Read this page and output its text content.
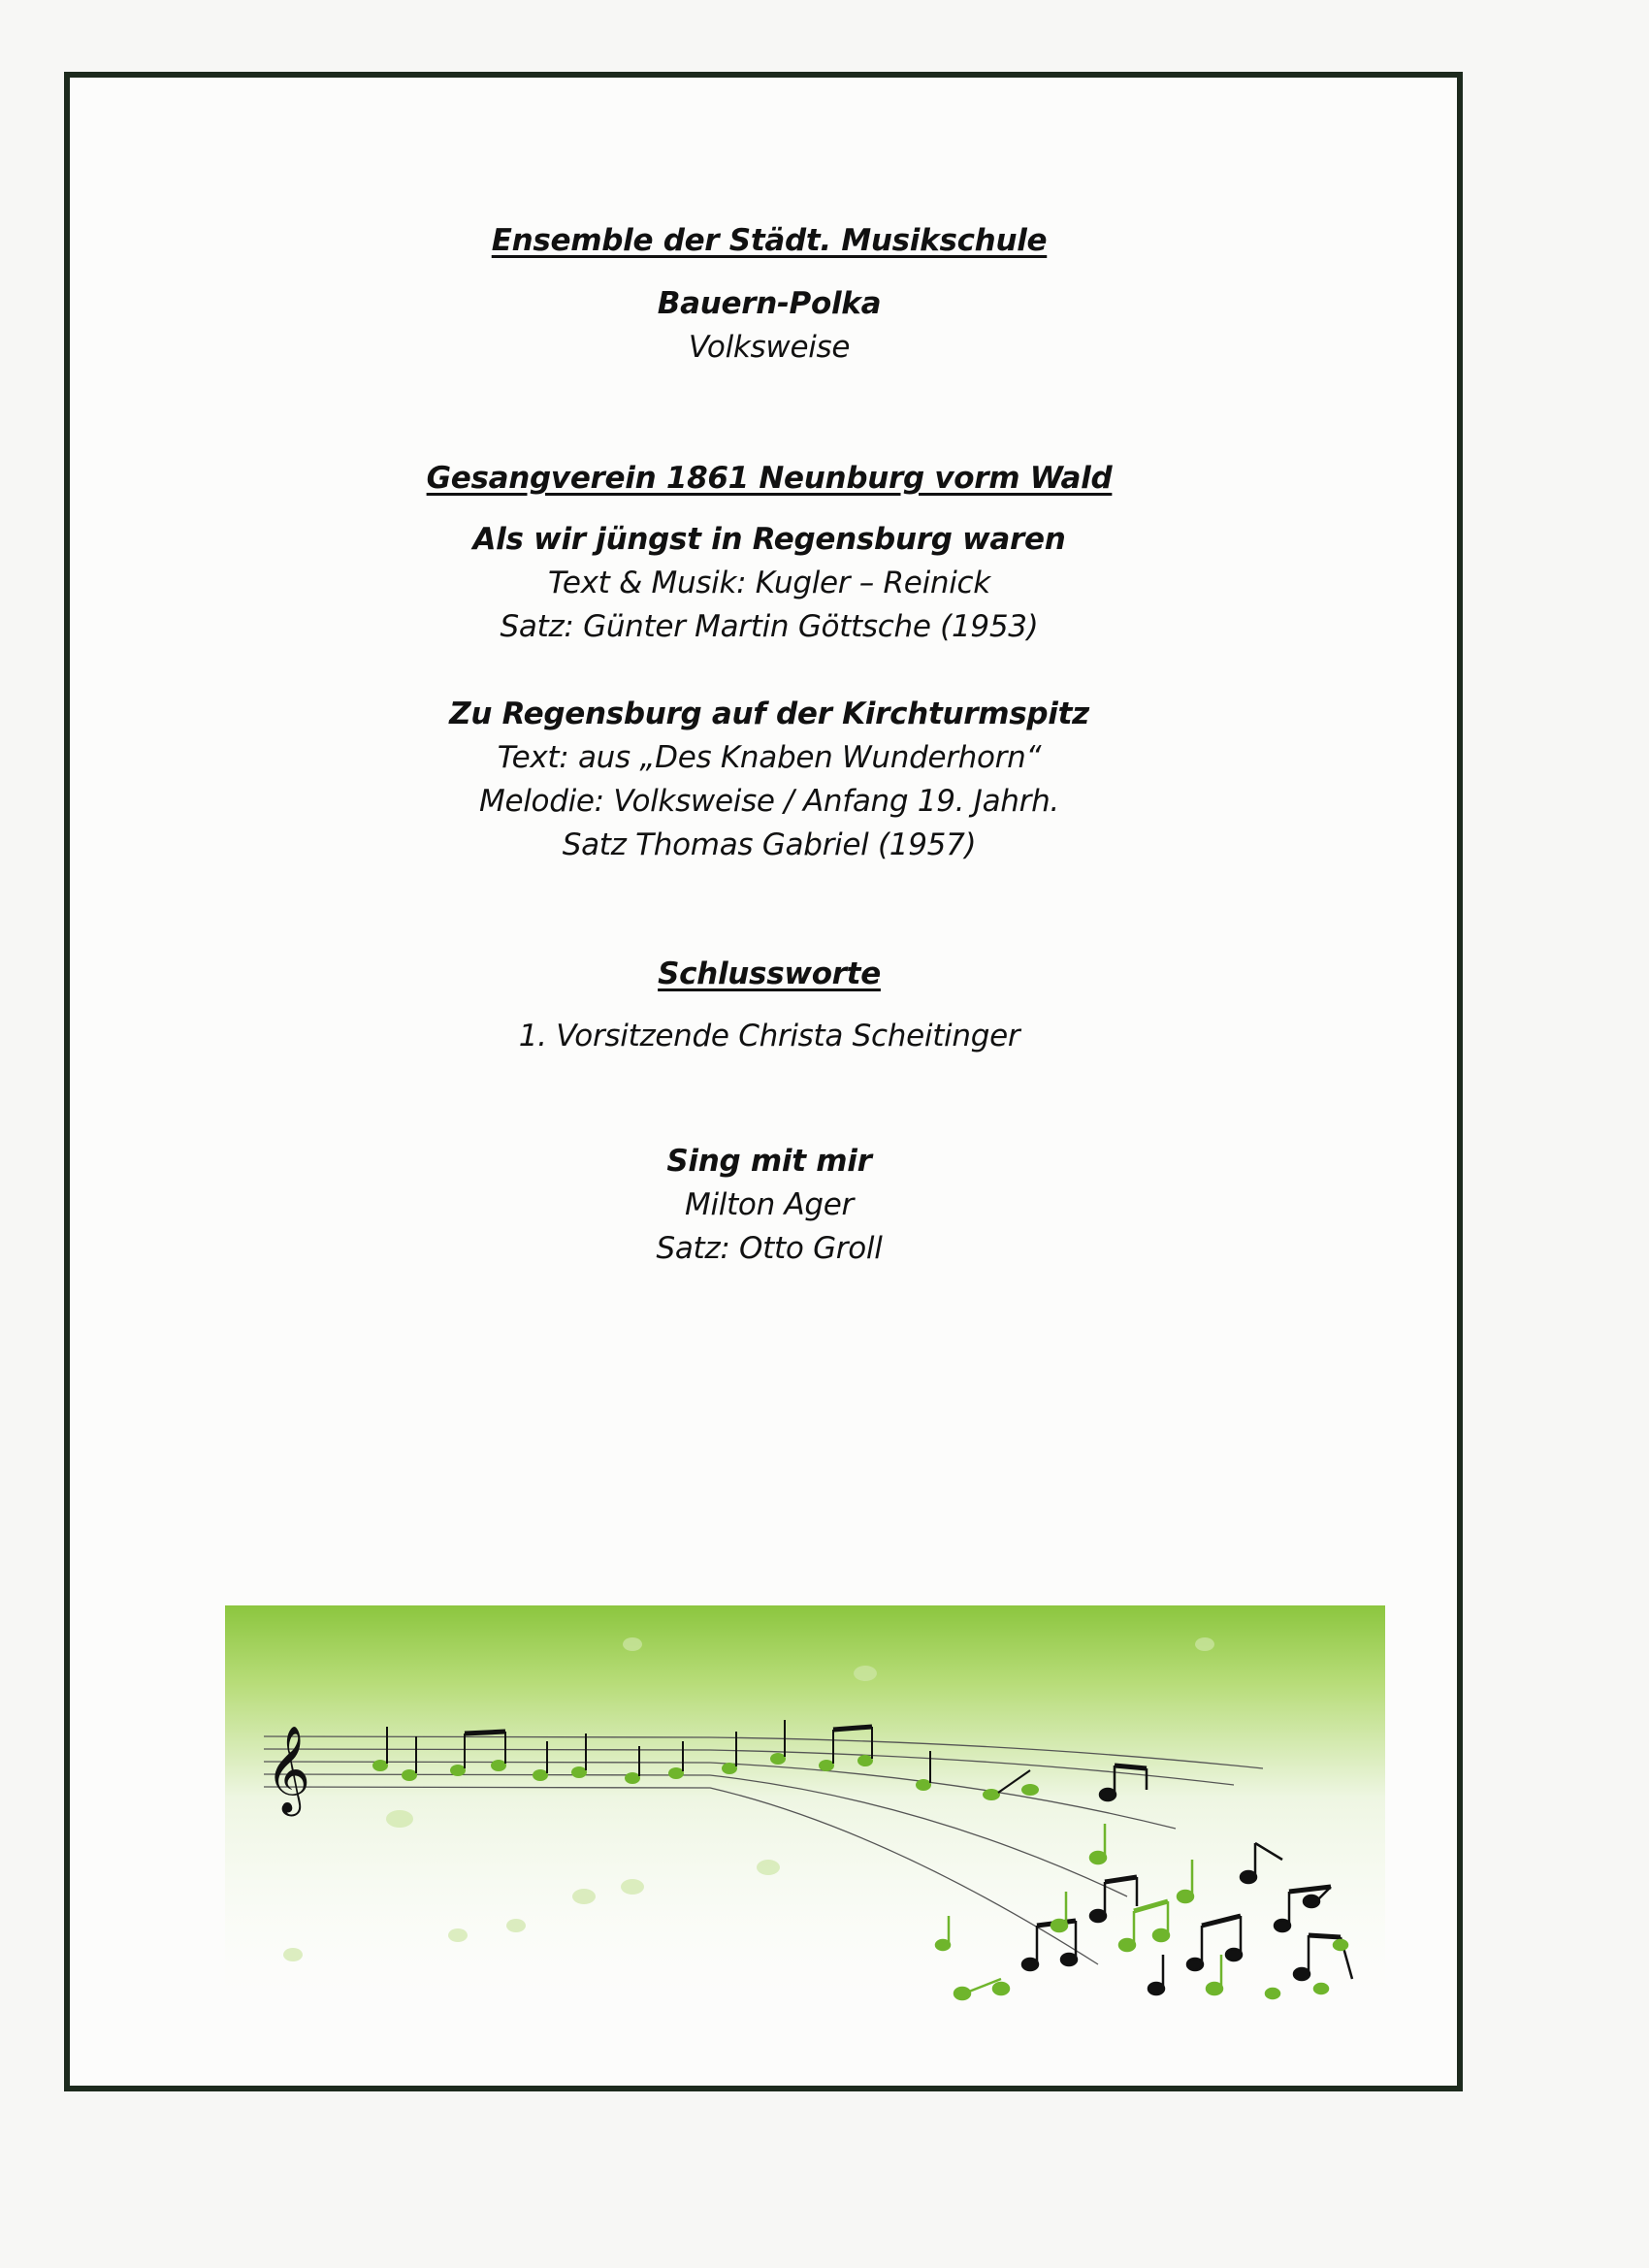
Ensemble der Städt. Musikschule
Bauern-Polka
Volksweise
Gesangverein 1861 Neunburg vorm Wald
Als wir jüngst in Regensburg waren
Text & Musik: Kugler – Reinick
Satz: Günter Martin Göttsche (1953)
Zu Regensburg auf der Kirchturmspitz
Text: aus „Des Knaben Wunderhorn“
Melodie: Volksweise / Anfang 19. Jahrh.
Satz Thomas Gabriel (1957)
Schlussworte
1. Vorsitzende Christa Scheitinger
Sing mit mir
Milton Ager
Satz: Otto Groll
𝄞
